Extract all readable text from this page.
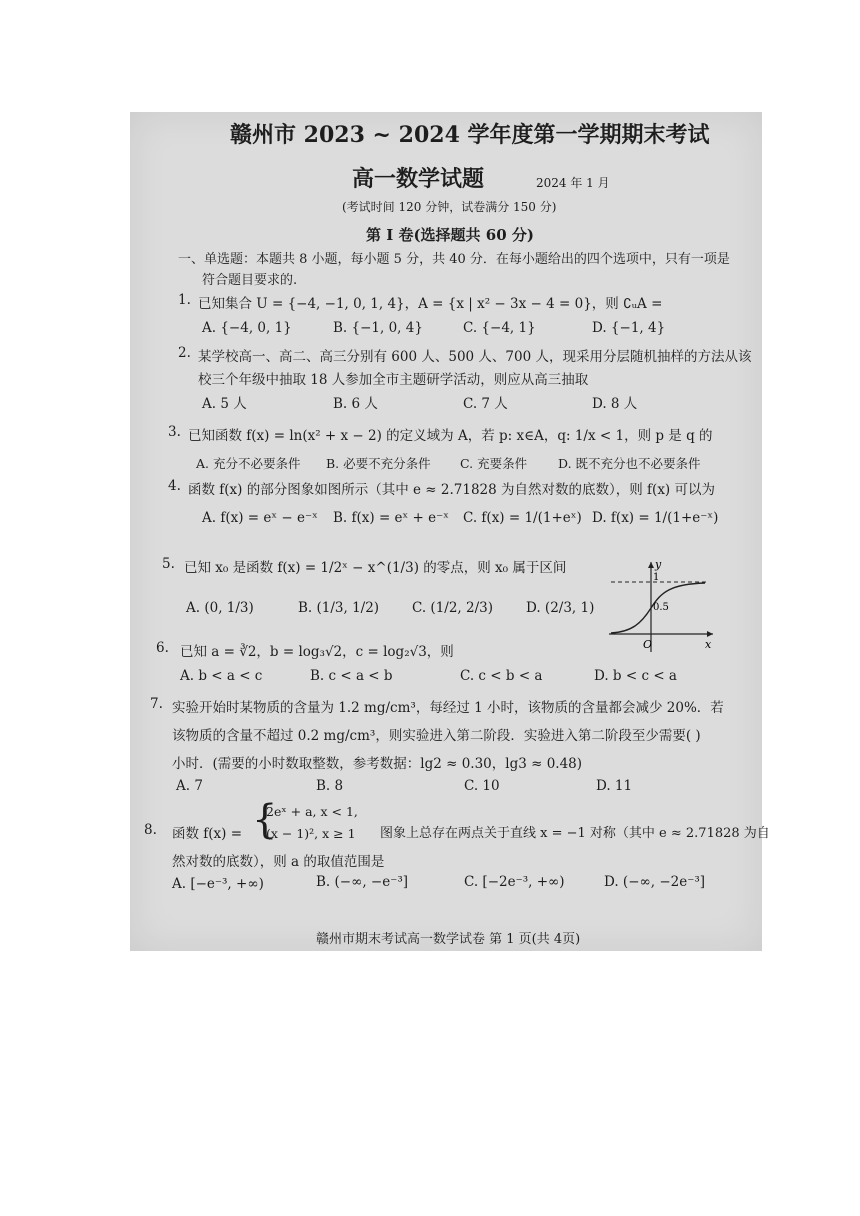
赣州市 2023 ~ 2024 学年度第一学期期末考试
高一数学试题	2024 年 1 月
(考试时间 120 分钟，试卷满分 150 分)
第 I 卷(选择题共 60 分)
一、单选题：本题共 8 小题，每小题 5 分，共 40 分．在每小题给出的四个选项中，只有一项是
符合题目要求的.
1. 已知集合 U = {−4, −1, 0, 1, 4}，A = {x | x² − 3x − 4 = 0}，则 ∁ᵤA =
A. {−4, 0, 1}	B. {−1, 0, 4}	C. {−4, 1}	D. {−1, 4}
2. 某学校高一、高二、高三分别有 600 人、500 人、700 人，现采用分层随机抽样的方法从该
校三个年级中抽取 18 人参加全市主题研学活动，则应从高三抽取
A. 5 人	B. 6 人	C. 7 人	D. 8 人
3. 已知函数 f(x) = ln(x² + x − 2) 的定义域为 A，若 p: x∈A，q: 1/x < 1，则 p 是 q 的
A. 充分不必要条件 B. 必要不充分条件 C. 充要条件 D. 既不充分也不必要条件
4. 函数 f(x) 的部分图象如图所示（其中 e ≈ 2.71828 为自然对数的底数），则 f(x) 可以为
A. f(x) = eˣ − e⁻ˣ B. f(x) = eˣ + e⁻ˣ C. f(x) = 1/(1+eˣ) D. f(x) = 1/(1+e⁻ˣ)
5. 已知 x₀ 是函数 f(x) = 1/2ˣ − x^(1/3) 的零点，则 x₀ 属于区间
A. (0, 1/3)	B. (1/3, 1/2) C. (1/2, 2/3) D. (2/3, 1)
y
x
O
1
0.5
6. 已知 a = ∛2，b = log₃√2，c = log₂√3，则
A. b < a < c	B. c < a < b	C. c < b < a	D. b < c < a
7. 实验开始时某物质的含量为 1.2 mg/cm³，每经过 1 小时，该物质的含量都会减少 20%．若
该物质的含量不超过 0.2 mg/cm³，则实验进入第二阶段．实验进入第二阶段至少需要( )
小时．(需要的小时数取整数，参考数据：lg2 ≈ 0.30，lg3 ≈ 0.48)
A. 7	B. 8	C. 10	D. 11
8. 函数 f(x) = {
2eˣ + a, x < 1,
(x − 1)², x ≥ 1 图象上总存在两点关于直线 x = −1 对称（其中 e ≈ 2.71828 为自
然对数的底数），则 a 的取值范围是
A. [−e⁻³, +∞)	B. (−∞, −e⁻³]	C. [−2e⁻³, +∞)	D. (−∞, −2e⁻³]
赣州市期末考试高一数学试卷 第 1 页(共 4页)
